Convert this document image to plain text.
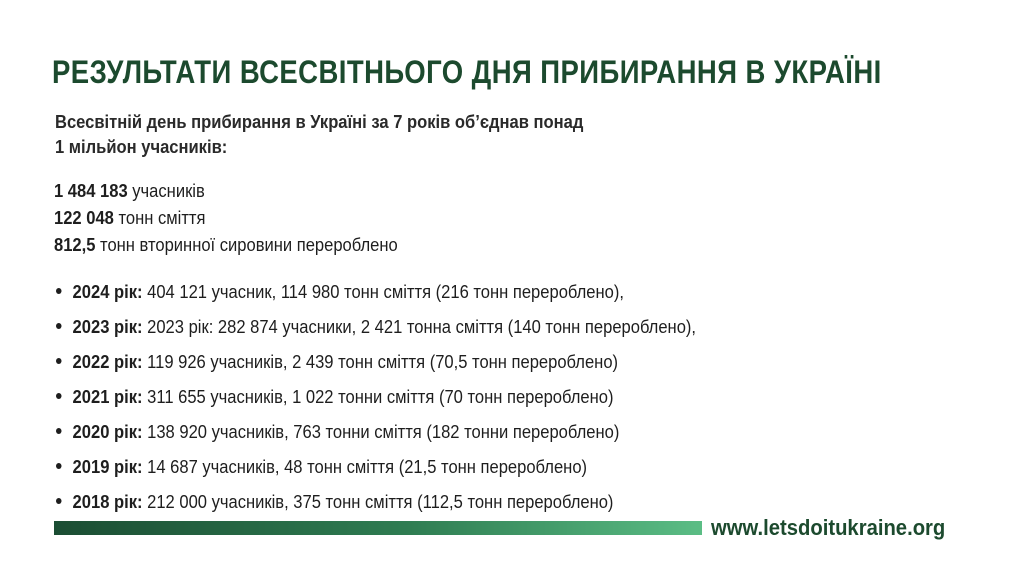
РЕЗУЛЬТАТИ ВСЕСВІТНЬОГО ДНЯ ПРИБИРАННЯ В УКРАЇНІ

Всесвітній день прибирання в Україні за 7 років об’єднав понад
1 мільйон учасників:

1 484 183 учасників
122 048 тонн сміття
812,5 тонн вторинної сировини перероблено
2024 рік: 404 121 учасник, 114 980 тонн сміття (216 тонн перероблено),
2023 рік: 2023 рік: 282 874 учасники, 2 421 тонна сміття (140 тонн перероблено),
2022 рік: 119 926 учасників, 2 439 тонн сміття (70,5 тонн перероблено)
2021 рік: 311 655 учасників, 1 022 тонни сміття (70 тонн перероблено)
2020 рік: 138 920 учасників, 763 тонни сміття (182 тонни перероблено)
2019 рік: 14 687 учасників, 48 тонн сміття (21,5 тонн перероблено)
2018 рік: 212 000 учасників, 375 тонн сміття (112,5 тонн перероблено)
www.letsdoitukraine.org
